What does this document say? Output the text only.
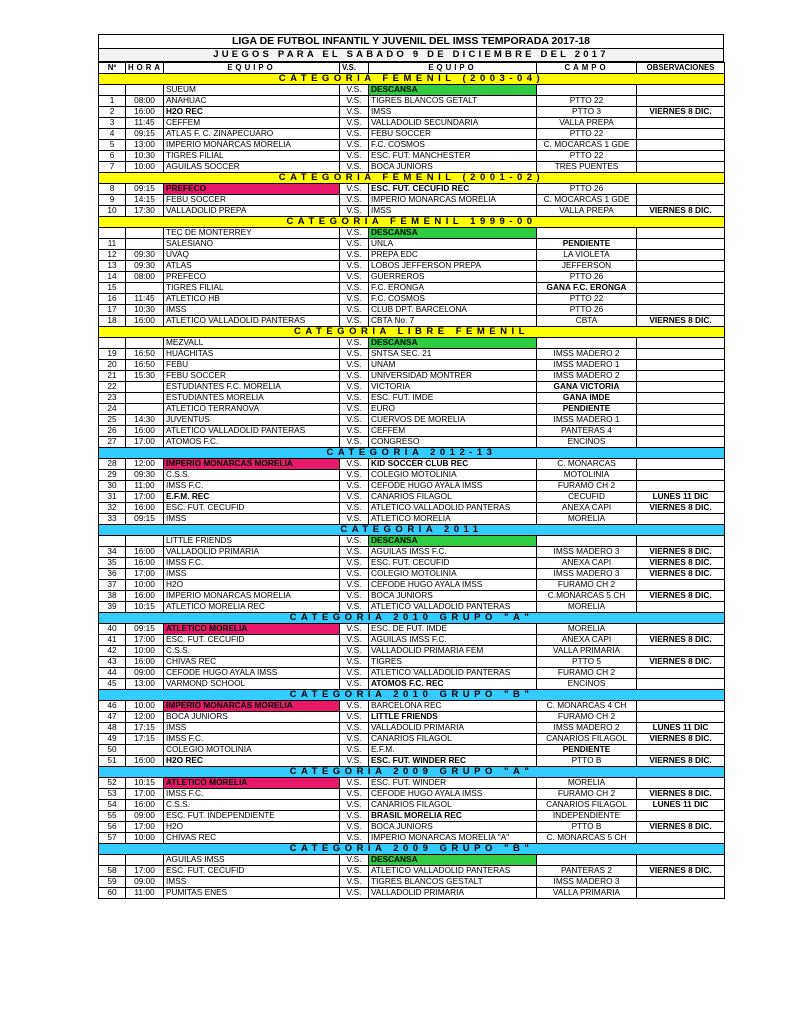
LIGA DE FUTBOL INFANTIL Y JUVENIL DEL IMSS TEMPORADA 2017-18
JUEGOS PARA EL SABADO 9 DE DICIEMBRE DEL 2017
Nº	HORA	EQUIPO	V.S.	EQUIPO	CAMPO	OBSERVACIONES
CATEGORIA FEMENIL (2003-04)						
		SUEUM	V.S.	DESCANSA		
1	08:00	ANAHUAC	V.S.	TIGRES BLANCOS GETALT	PTTO 22	
2	16:00	H2O REC	V.S.	IMSS	PTTO 3	VIERNES 8 DIC.
3	11:45	CEFFEM	V.S.	VALLADOLID SECUNDARIA	VALLA PREPA	
4	09:15	ATLAS F. C. ZINAPECUARO	V.S.	FEBU SOCCER	PTTO 22	
5	13:00	IMPERIO MONARCAS MORELIA	V.S.	F.C. COSMOS	C. MOCARCAS 1 GDE	
6	10:30	TIGRES FILIAL	V.S.	ESC. FUT. MANCHESTER	PTTO 22	
7	10:00	AGUILAS SOCCER	V.S.	BOCA JUNIORS	TRES PUENTES	
CATEGORIA FEMENIL (2001-02)						
8	09:15	PREFECO	V.S.	ESC. FUT. CECUFID REC	PTTO 26	
9	14:15	FEBU SOCCER	V.S.	IMPERIO MONARCAS MORELIA	C. MOCARCAS 1 GDE	
10	17:30	VALLADOLID PREPA	V.S.	IMSS	VALLA PREPA	VIERNES 8 DIC.
CATEGORIA FEMENIL 1999-00						
		TEC DE MONTERREY	V.S.	DESCANSA		
11		SALESIANO	V.S.	UNLA	PENDIENTE	
12	09:30	UVAQ	V.S.	PREPA EDC	LA VIOLETA	
13	09:30	ATLAS	V.S.	LOBOS JEFFERSON PREPA	JEFFERSON	
14	08:00	PREFECO	V.S.	GUERREROS	PTTO 26	
15		TIGRES FILIAL	V.S.	F.C. ERONGA	GANA F.C. ERONGA	
16	11:45	ATLETICO HB	V.S.	F.C. COSMOS	PTTO 22	
17	10:30	IMSS	V.S.	CLUB DPT. BARCELONA	PTTO 26	
18	16:00	ATLETICO VALLADOLID PANTERAS	V.S.	CBTA No. 7	CBTA	VIERNES 8 DIC.
CATEGORIA LIBRE FEMENIL						
		MEZVALL	V.S.	DESCANSA		
19	16:50	HUACHITAS	V.S.	SNTSA SEC. 21	IMSS MADERO 2	
20	16:50	FEBU	V.S.	UNAM	IMSS MADERO 1	
21	15:30	FEBU SOCCER	V.S.	UNIVERSIDAD MONTRER	IMSS MADERO 2	
22		ESTUDIANTES F.C. MORELIA	V.S.	VICTORIA	GANA VICTORIA	
23		ESTUDIANTES MORELIA	V.S.	ESC. FUT. IMDE	GANA IMDE	
24		ATLETICO TERRANOVA	V.S.	EURO	PENDIENTE	
25	14:30	JUVENTUS	V.S.	CUERVOS DE MORELIA	IMSS MADERO 1	
26	16:00	ATLETICO VALLADOLID PANTERAS	V.S.	CEFFEM	PANTERAS 4	
27	17:00	ATOMOS F.C.	V.S.	CONGRESO	ENCINOS	
CATEGORIA 2012-13						
28	12:00	IMPERIO MONARCAS MORELIA	V.S.	KID SOCCER CLUB REC	C. MONARCAS	
29	09:30	C.S.S.	V.S.	COLEGIO MOTOLINIA	MOTOLINIA	
30	11:00	IMSS F.C.	V.S.	CEFODE HUGO AYALA IMSS	FURAMO CH 2	
31	17:00	E.F.M. REC	V.S.	CANARIOS FILAGOL	CECUFID	LUNES 11 DIC
32	16:00	ESC. FUT. CECUFID	V.S.	ATLETICO VALLADOLID PANTERAS	ANEXA CAPI	VIERNES 8 DIC.
33	09:15	IMSS	V.S.	ATLETICO MORELIA	MORELIA	
CATEGORIA 2011						
		LITTLE FRIENDS	V.S.	DESCANSA		
34	16:00	VALLADOLID PRIMARIA	V.S.	AGUILAS IMSS F.C.	IMSS MADERO 3	VIERNES 8 DIC.
35	16:00	IMSS F.C.	V.S.	ESC. FUT. CECUFID	ANEXA CAPI	VIERNES 8 DIC.
36	17:00	IMSS	V.S.	COLEGIO MOTOLINIA	IMSS MADERO 3	VIERNES 8 DIC.
37	10:00	H2O	V.S.	CEFODE HUGO AYALA IMSS	FURAMO CH 2	
38	16:00	IMPERIO MONARCAS MORELIA	V.S.	BOCA JUNIORS	C.MONARCAS 5 CH	VIERNES 8 DIC.
39	10:15	ATLETICO MORELIA REC	V.S.	ATLETICO VALLADOLID PANTERAS	MORELIA	
CATEGORIA 2010 GRUPO "A"						
40	09:15	ATLETICO MORELIA	V.S.	ESC. DE FUT. IMDE	MORELIA	
41	17:00	ESC. FUT. CECUFID	V.S.	AGUILAS IMSS F.C.	ANEXA CAPI	VIERNES 8 DIC.
42	10:00	C.S.S.	V.S.	VALLADOLID PRIMARIA FEM	VALLA PRIMARIA	
43	16:00	CHIVAS REC	V.S.	TIGRES	PTTO 5	VIERNES 8 DIC.
44	09:00	CEFODE HUGO AYALA IMSS	V.S.	ATLETICO VALLADOLID PANTERAS	FURAMO CH 2	
45	13:00	VARMOND SCHOOL	V.S.	ATOMOS F.C. REC	ENCINOS	
CATEGORIA 2010 GRUPO "B"						
46	10:00	IMPERIO MONARCAS MORELIA	V.S.	BARCELONA REC	C. MONARCAS 4 CH	
47	12:00	BOCA JUNIORS	V.S.	LITTLE FRIENDS	FURAMO CH 2	
48	17:15	IMSS	V.S.	VALLADOLID PRIMARIA	IMSS MADERO 2	LUNES 11 DIC
49	17:15	IMSS F.C.	V.S.	CANARIOS FILAGOL	CANARIOS FILAGOL	VIERNES 8 DIC.
50		COLEGIO MOTOLINIA	V.S.	E.F.M.	PENDIENTE	
51	16:00	H2O REC	V.S.	ESC. FUT. WINDER REC	PTTO B	VIERNES 8 DIC.
CATEGORIA 2009 GRUPO "A"						
52	10:15	ATLETICO MORELIA	V.S.	ESC. FUT. WINDER	MORELIA	
53	17:00	IMSS F.C.	V.S.	CEFODE HUGO AYALA IMSS	FURAMO CH 2	VIERNES 8 DIC.
54	16:00	C.S.S.	V.S.	CANARIOS FILAGOL	CANARIOS FILAGOL	LUNES 11 DIC
55	09:00	ESC. FUT. INDEPENDIENTE	V.S.	BRASIL MORELIA REC	INDEPENDIENTE	
56	17:00	H2O	V.S.	BOCA JUNIORS	PTTO B	VIERNES 8 DIC.
57	10:00	CHIVAS REC	V.S.	IMPERIO MONARCAS MORELIA "A"	C. MONARCAS 5 CH	
CATEGORIA 2009 GRUPO "B"						
		AGUILAS IMSS	V.S.	DESCANSA		
58	17:00	ESC. FUT. CECUFID	V.S.	ATLETICO VALLADOLID PANTERAS	PANTERAS 2	VIERNES 8 DIC.
59	09:00	IMSS	V.S.	TIGRES BLANCOS GESTALT	IMSS MADERO 3	
60	11:00	PUMITAS ENES	V.S.	VALLADOLID PRIMARIA	VALLA PRIMARIA	
